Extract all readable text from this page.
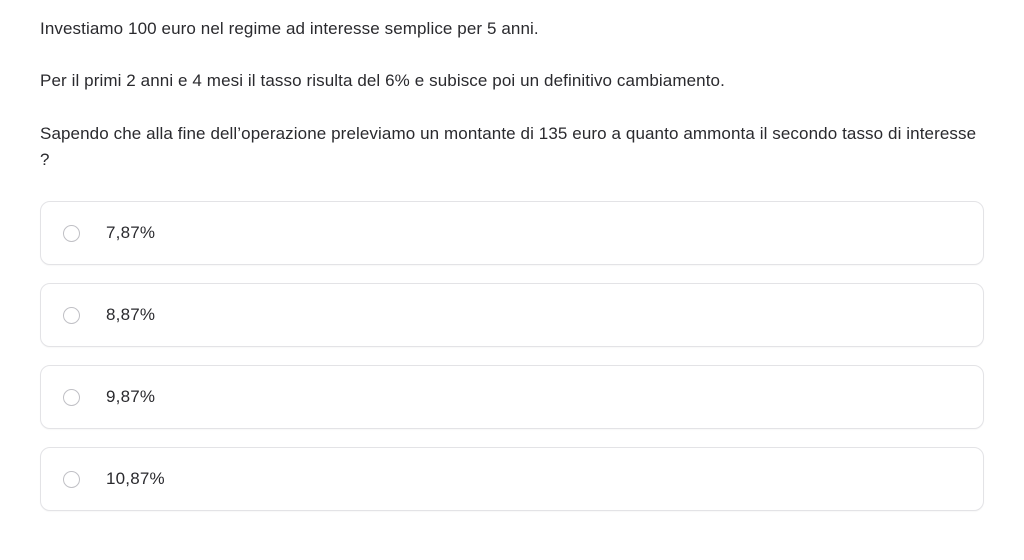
Investiamo 100 euro nel regime ad interesse semplice per 5 anni.

Per il primi 2 anni e 4 mesi il tasso risulta del 6% e subisce poi un definitivo cambiamento.

Sapendo che alla fine dell’operazione preleviamo un montante di 135 euro a quanto ammonta il secondo tasso di interesse ?

7,87%
8,87%
9,87%
10,87%
